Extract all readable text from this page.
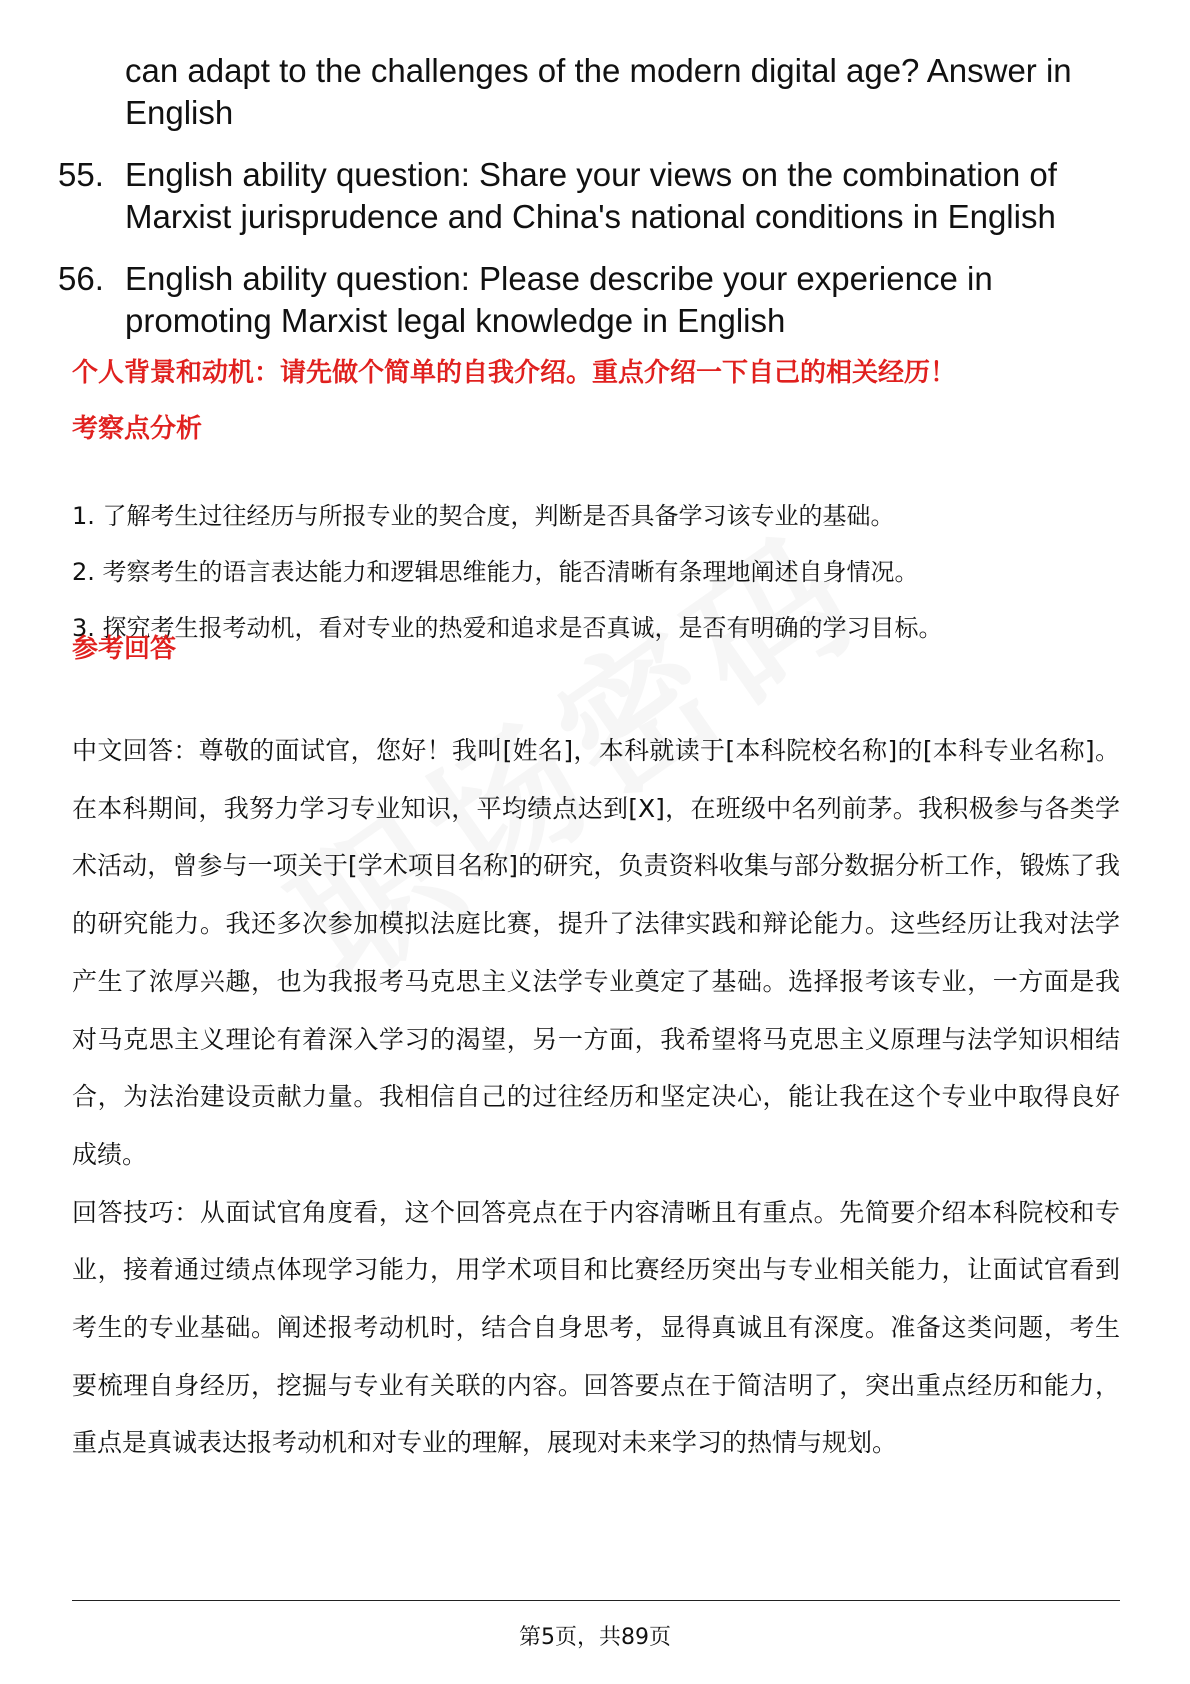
can adapt to the challenges of the modern digital age? Answer in English
55. English ability question: Share your views on the combination of Marxist jurisprudence and China's national conditions in English
56. English ability question: Please describe your experience in promoting Marxist legal knowledge in English
个人背景和动机：请先做个简单的自我介绍。重点介绍一下自己的相关经历！
考察点分析
1. 了解考生过往经历与所报专业的契合度，判断是否具备学习该专业的基础。
2. 考察考生的语言表达能力和逻辑思维能力，能否清晰有条理地阐述自身情况。
3. 探究考生报考动机，看对专业的热爱和追求是否真诚，是否有明确的学习目标。
参考回答

中文回答：尊敬的面试官，您好！我叫[姓名]，本科就读于[本科院校名称]的[本科专业名称]。在本科期间，我努力学习专业知识，平均绩点达到[X]，在班级中名列前茅。我积极参与各类学术活动，曾参与一项关于[学术项目名称]的研究，负责资料收集与部分数据分析工作，锻炼了我的研究能力。我还多次参加模拟法庭比赛，提升了法律实践和辩论能力。这些经历让我对法学产生了浓厚兴趣，也为我报考马克思主义法学专业奠定了基础。选择报考该专业，一方面是我对马克思主义理论有着深入学习的渴望，另一方面，我希望将马克思主义原理与法学知识相结合，为法治建设贡献力量。我相信自己的过往经历和坚定决心，能让我在这个专业中取得良好成绩。

回答技巧：从面试官角度看，这个回答亮点在于内容清晰且有重点。先简要介绍本科院校和专业，接着通过绩点体现学习能力，用学术项目和比赛经历突出与专业相关能力，让面试官看到考生的专业基础。阐述报考动机时，结合自身思考，显得真诚且有深度。准备这类问题，考生要梳理自身经历，挖掘与专业有关联的内容。回答要点在于简洁明了，突出重点经历和能力，重点是真诚表达报考动机和对专业的理解，展现对未来学习的热情与规划。

第5页，共89页
